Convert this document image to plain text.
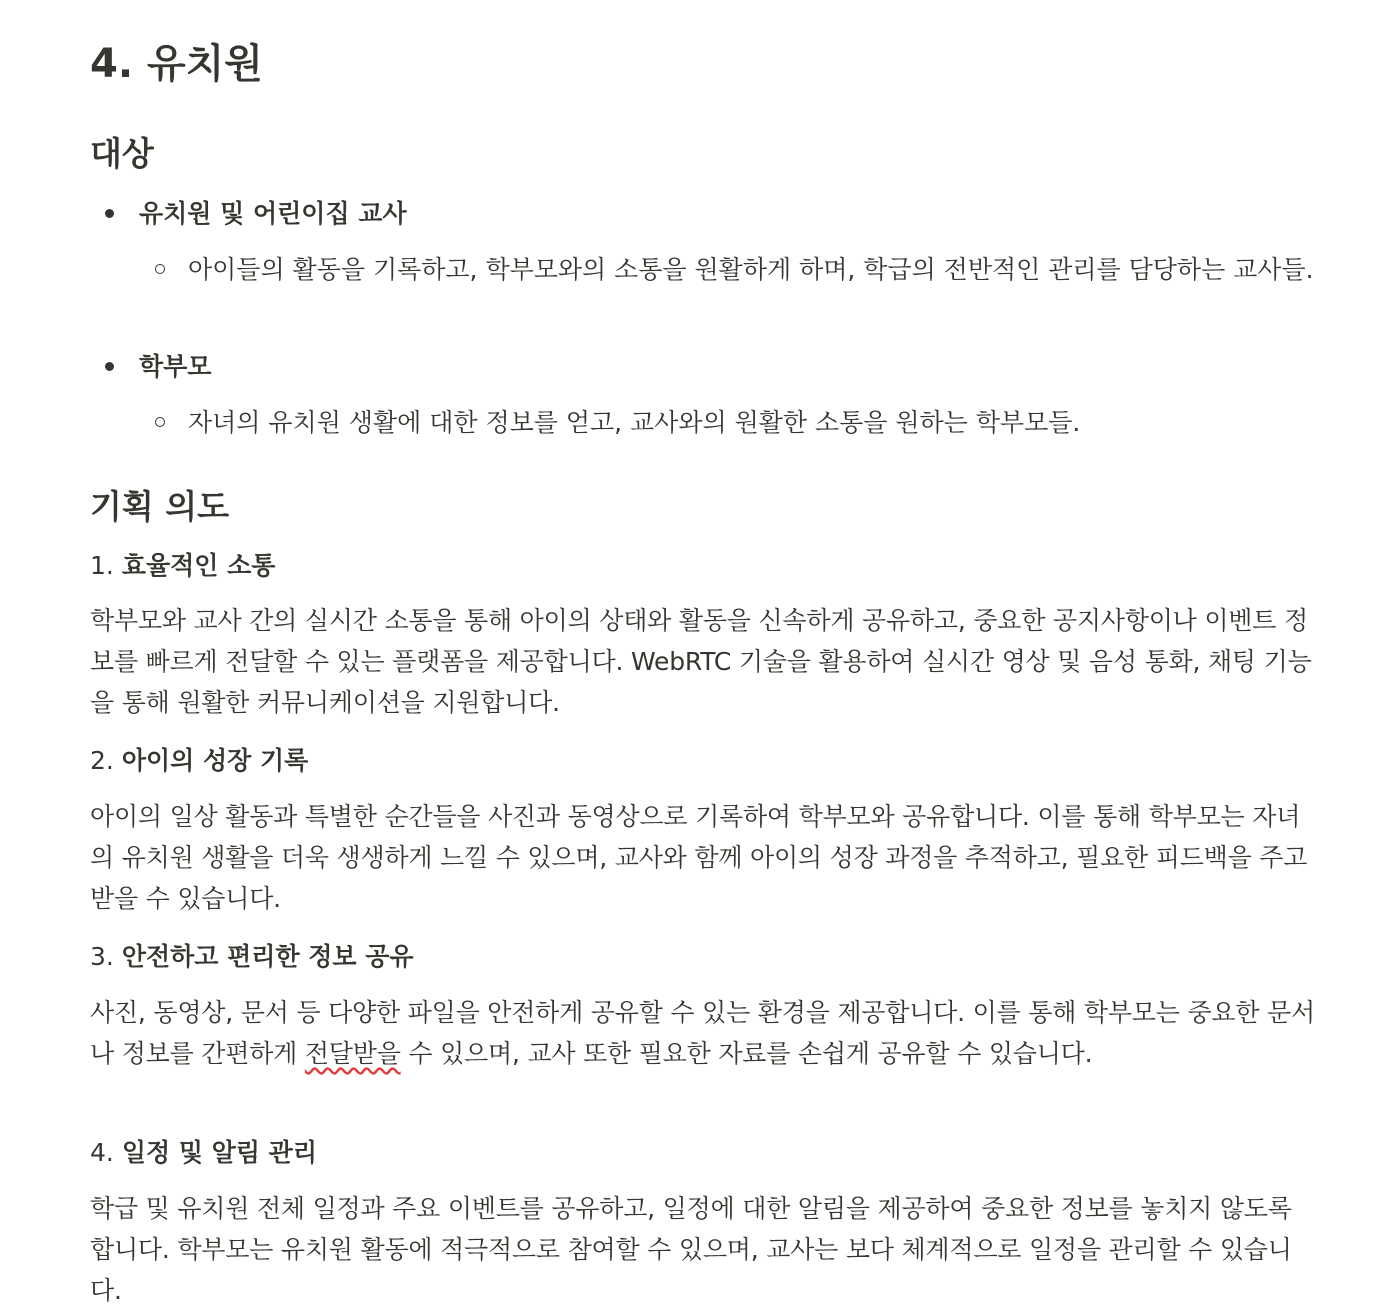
4. 유치원
대상
유치원 및 어린이집 교사
아이들의 활동을 기록하고, 학부모와의 소통을 원활하게 하며, 학급의 전반적인 관리를 담당하는 교사들.
학부모
자녀의 유치원 생활에 대한 정보를 얻고, 교사와의 원활한 소통을 원하는 학부모들.
기획 의도
1. 효율적인 소통
학부모와 교사 간의 실시간 소통을 통해 아이의 상태와 활동을 신속하게 공유하고, 중요한 공지사항이나 이벤트 정보를 빠르게 전달할 수 있는 플랫폼을 제공합니다. WebRTC 기술을 활용하여 실시간 영상 및 음성 통화, 채팅 기능을 통해 원활한 커뮤니케이션을 지원합니다.
2. 아이의 성장 기록
아이의 일상 활동과 특별한 순간들을 사진과 동영상으로 기록하여 학부모와 공유합니다. 이를 통해 학부모는 자녀의 유치원 생활을 더욱 생생하게 느낄 수 있으며, 교사와 함께 아이의 성장 과정을 추적하고, 필요한 피드백을 주고받을 수 있습니다.
3. 안전하고 편리한 정보 공유
사진, 동영상, 문서 등 다양한 파일을 안전하게 공유할 수 있는 환경을 제공합니다. 이를 통해 학부모는 중요한 문서나 정보를 간편하게 전달받을 수 있으며, 교사 또한 필요한 자료를 손쉽게 공유할 수 있습니다.
4. 일정 및 알림 관리
학급 및 유치원 전체 일정과 주요 이벤트를 공유하고, 일정에 대한 알림을 제공하여 중요한 정보를 놓치지 않도록 합니다. 학부모는 유치원 활동에 적극적으로 참여할 수 있으며, 교사는 보다 체계적으로 일정을 관리할 수 있습니다.
